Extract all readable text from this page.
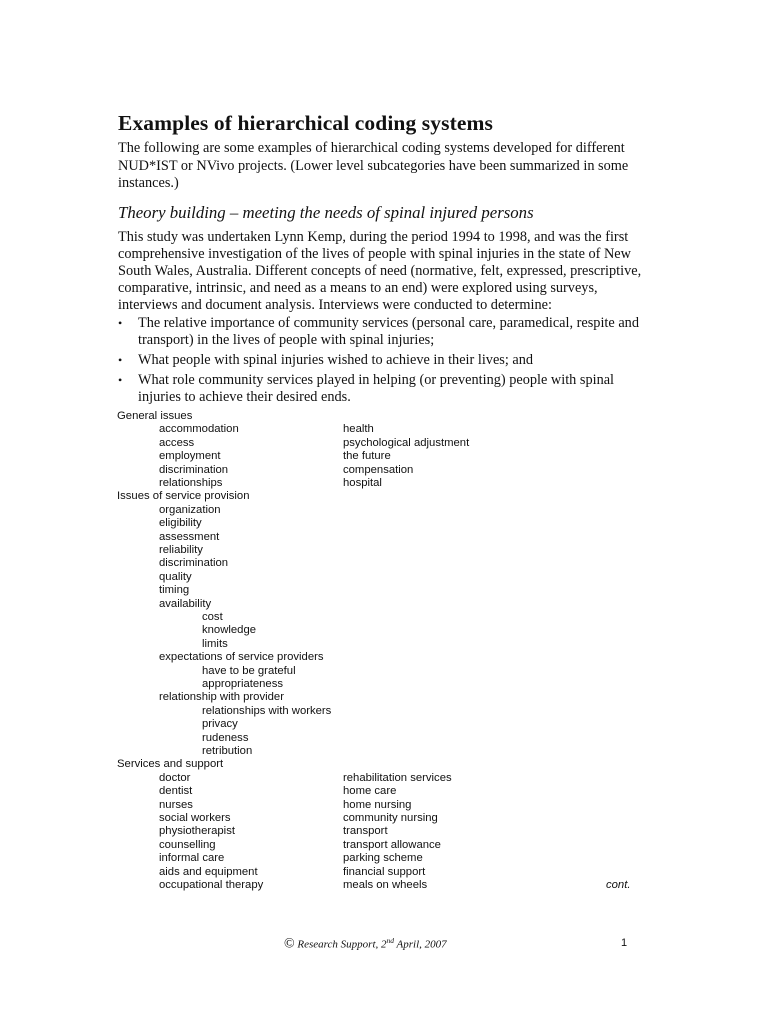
Examples of hierarchical coding systems

The following are some examples of hierarchical coding systems developed for different NUD*IST or NVivo projects. (Lower level subcategories have been summarized in some instances.)

Theory building – meeting the needs of spinal injured persons

This study was undertaken Lynn Kemp, during the period 1994 to 1998, and was the first comprehensive investigation of the lives of people with spinal injuries in the state of New South Wales, Australia. Different concepts of need (normative, felt, expressed, prescriptive, comparative, intrinsic, and need as a means to an end) were explored using surveys, interviews and document analysis. Interviews were conducted to determine:

• The relative importance of community services (personal care, paramedical, respite and transport) in the lives of people with spinal injuries;
• What people with spinal injuries wished to achieve in their lives; and
• What role community services played in helping (or preventing) people with spinal injuries to achieve their desired ends.
General issues
accommodation	health
access	psychological adjustment
employment	the future
discrimination	compensation
relationships	hospital
Issues of service provision
organization
eligibility
assessment
reliability
discrimination
quality
timing
availability
cost
knowledge
limits
expectations of service providers
have to be grateful
appropriateness
relationship with provider
relationships with workers
privacy
rudeness
retribution
Services and support
doctor	rehabilitation services
dentist	home care
nurses	home nursing
social workers	community nursing
physiotherapist	transport
counselling	transport allowance
informal care	parking scheme
aids and equipment	financial support
occupational therapy	meals on wheels	cont.
© Research Support, 2nd April, 2007	1
